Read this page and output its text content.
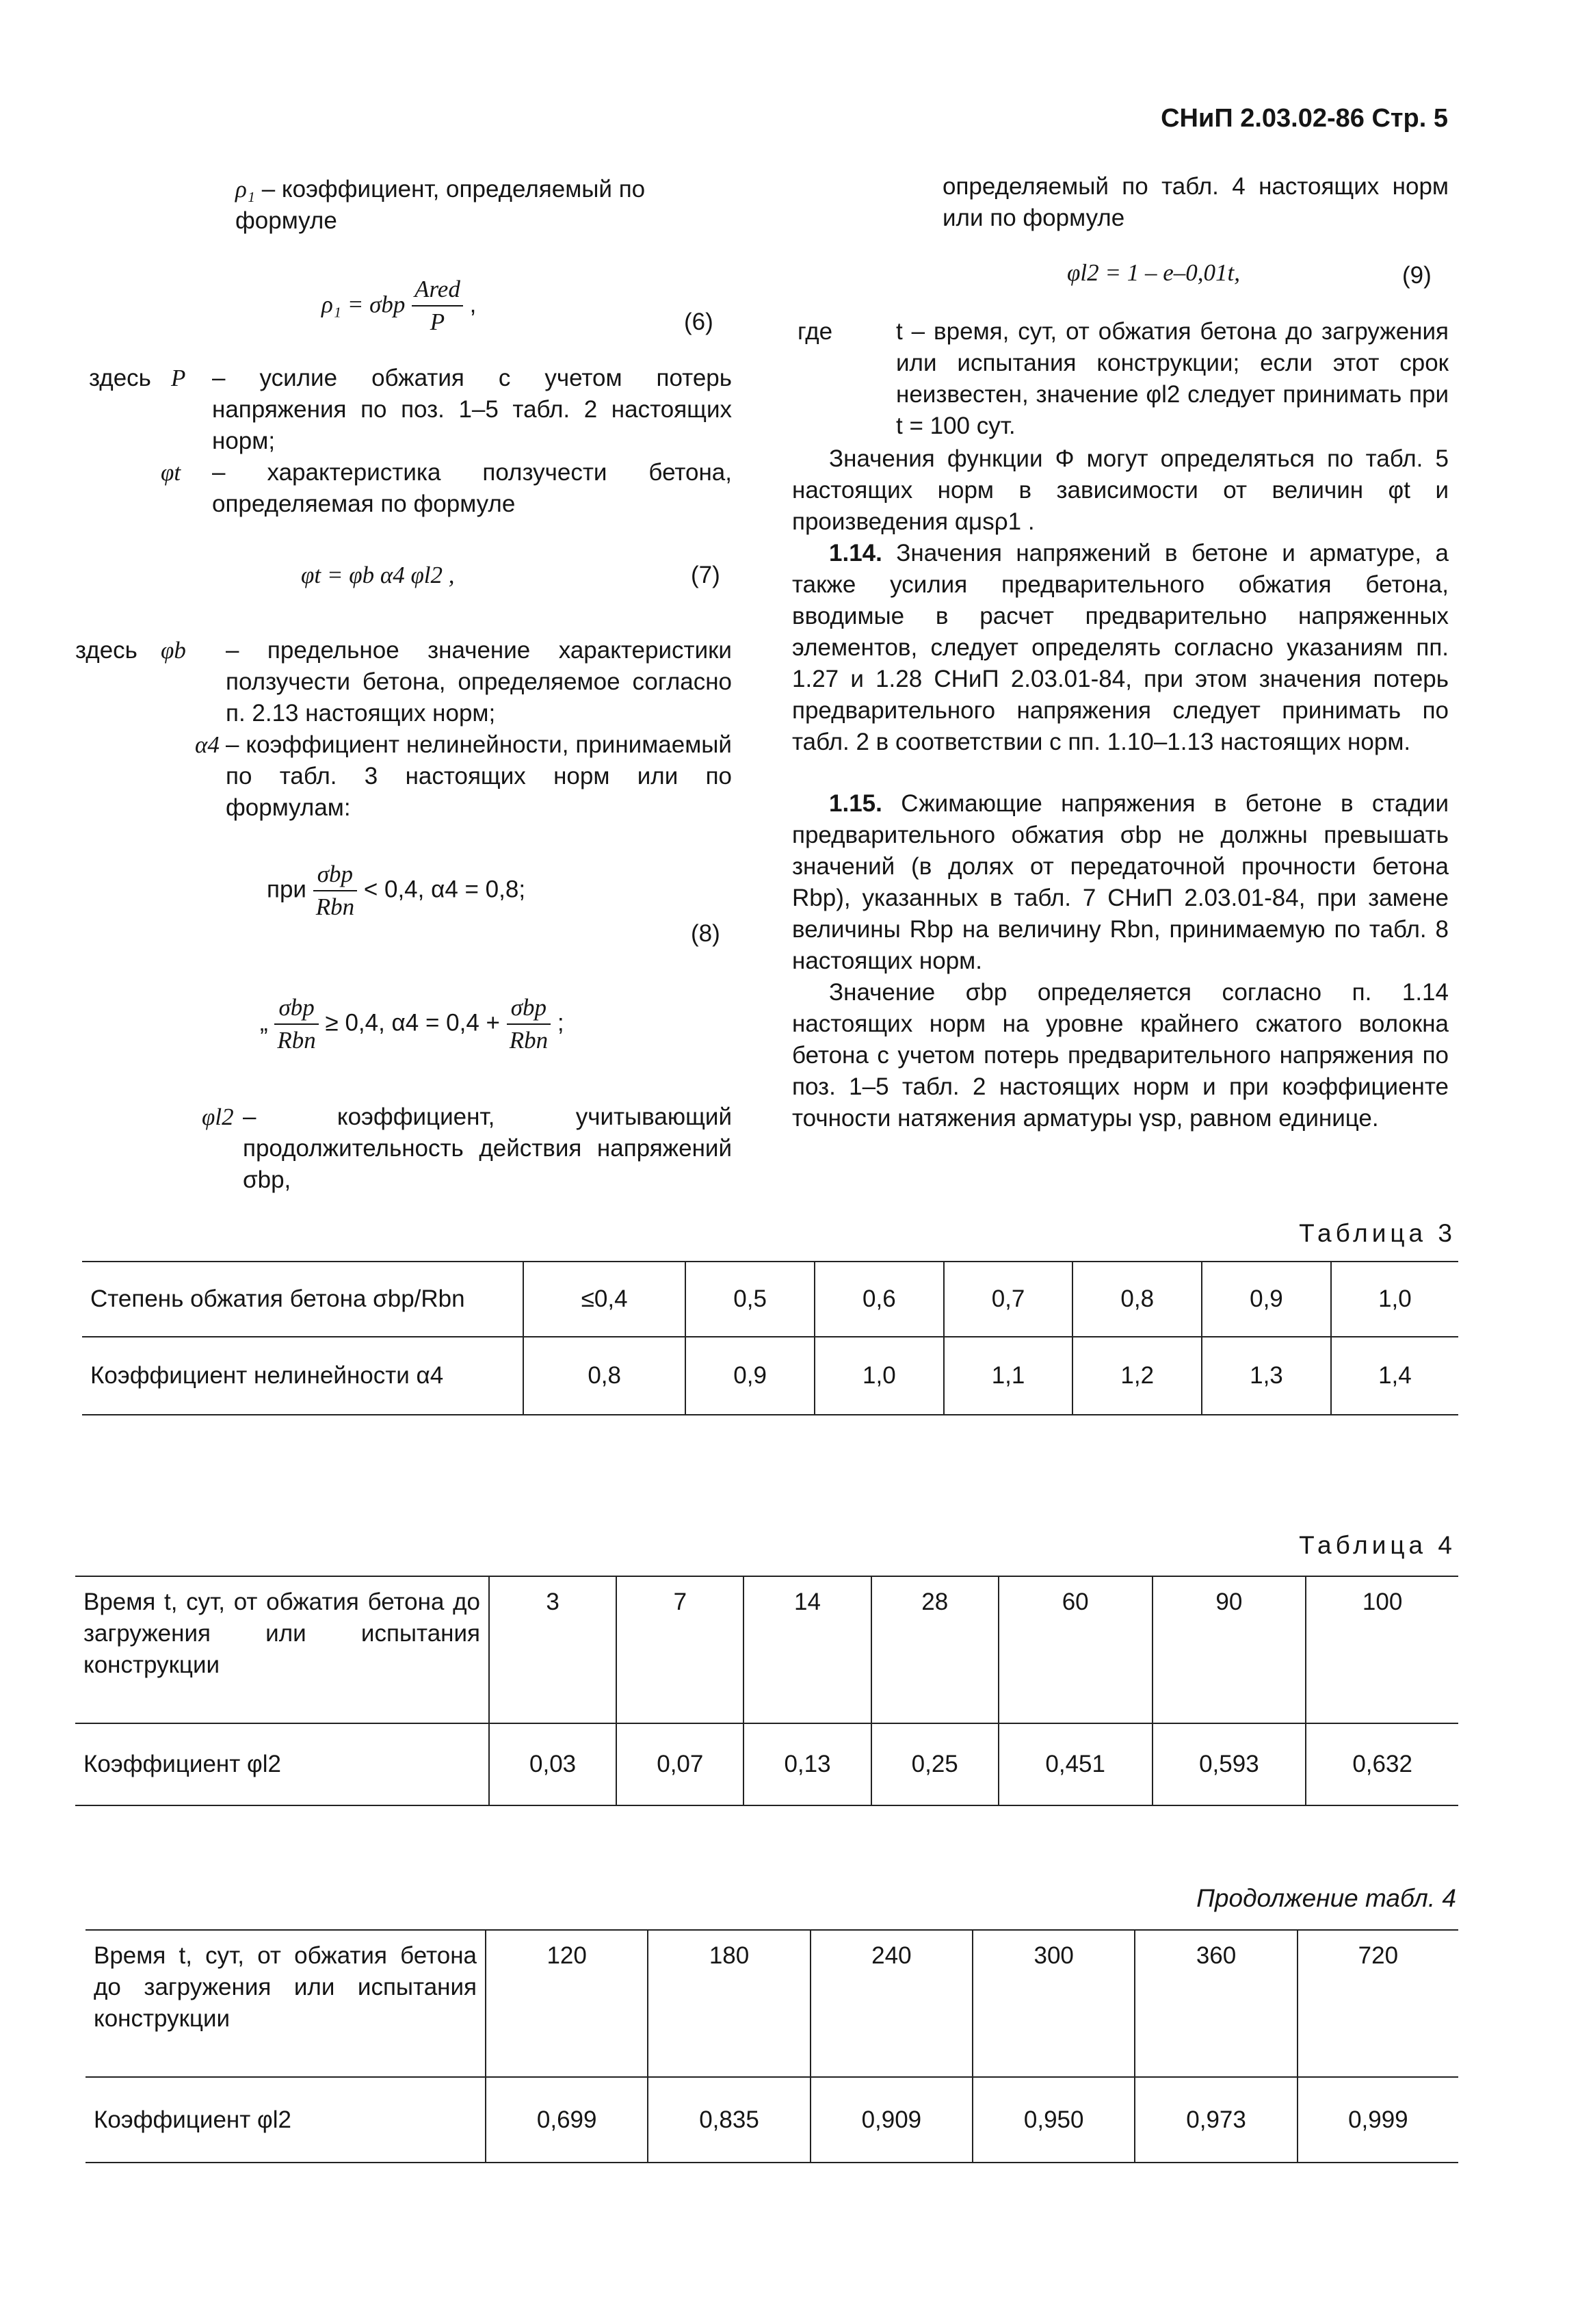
СНиП 2.03.02-86 Стр. 5
ρ₁ – коэффициент, определяемый по формуле
ρ₁ = σbp $\frac{\text{Ared}}{P}$ ,
(6)
здесь P – усилие обжатия с учетом потерь напряжения по поз. 1–5 табл. 2 настоящих норм;
φt – характеристика ползучести бетона, определяемая по формуле
φt = φb α4 φl2 ,	(7)
здесь φb – предельное значение характеристики ползучести бетона, определяемое согласно п. 2.13 настоящих норм;
α4 – коэффициент нелинейности, принимаемый по табл. 3 настоящих норм или по формулам:
при $\frac{\text{σbp}}{\text{Rbn}} < 0,4$, α4 = 0,8;
(8)
„ $\frac{\text{σbp}}{\text{Rbn}} \ge 0,4$, $\alpha 4 = 0,4 + \frac{\text{σbp}}{\text{Rbn}}$ ;
φl2 – коэффициент, учитывающий продолжительность действия напряжений σbp,
определяемый по табл. 4 настоящих норм или по формуле
φl2 = 1 – e–0,01t,	(9)
где	t – время, сут, от обжатия бетона до загружения или испытания конструкции; если этот срок неизвестен, значение φl2 следует принимать при t = 100 сут.
Значения функции Φ могут определяться по табл. 5 настоящих норм в зависимости от величин φt и произведения αμsρ1 .
1.14. Значения напряжений в бетоне и арматуре, а также усилия предварительного обжатия бетона, вводимые в расчет предварительно напряженных элементов, следует определять согласно указаниям пп. 1.27 и 1.28 СНиП 2.03.01-84, при этом значения потерь предварительного напряжения следует принимать по табл. 2 в соответствии с пп. 1.10–1.13 настоящих норм.
1.15. Сжимающие напряжения в бетоне в стадии предварительного обжатия σbp не должны превышать значений (в долях от передаточной прочности бетона Rbp), указанных в табл. 7 СНиП 2.03.01-84, при замене величины Rbp на величину Rbn, принимаемую по табл. 8 настоящих норм.
Значение σbp определяется согласно п. 1.14 настоящих норм на уровне крайнего сжатого волокна бетона с учетом потерь предварительного напряжения по поз. 1–5 табл. 2 настоящих норм и при коэффициенте точности натяжения арматуры γsp, равном единице.
Таблица 3
Степень обжатия бетона σbp/Rbn	≤0,4	0,5	0,6	0,7	0,8	0,9	1,0
Коэффициент нелинейности α4	0,8	0,9	1,0	1,1	1,2	1,3	1,4
Таблица 4
Время t, сут, от обжатия бетона до загружения или испытания конструкции	3	7	14	28	60	90	100
Коэффициент φl2	0,03	0,07	0,13	0,25	0,451	0,593	0,632
Продолжение табл. 4
Время t, сут, от обжатия бетона до загружения или испытания конструкции	120	180	240	300	360	720
Коэффициент φl2	0,699	0,835	0,909	0,950	0,973	0,999
